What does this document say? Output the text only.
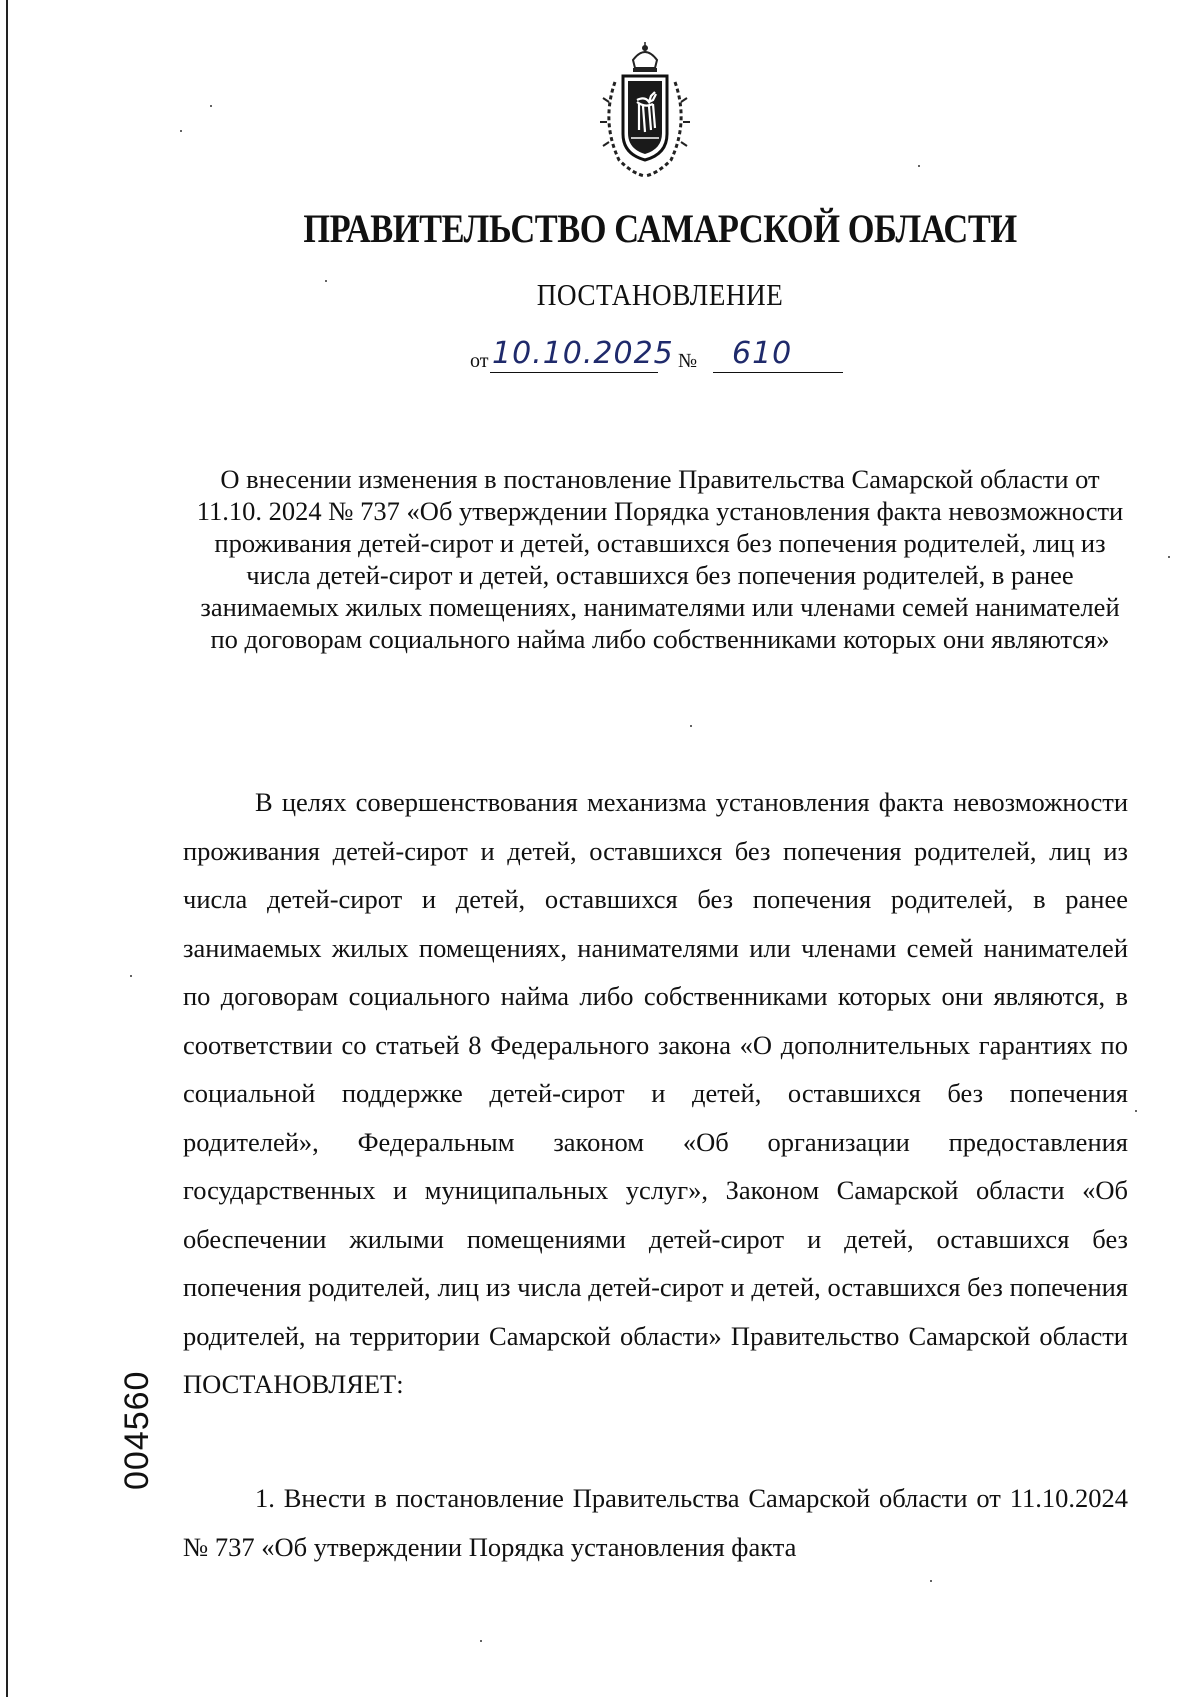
ПРАВИТЕЛЬСТВО САМАРСКОЙ ОБЛАСТИ
ПОСТАНОВЛЕНИЕ
от 10.10.2025 № 610
О внесении изменения в постановление Правительства Самарской области от 11.10. 2024 № 737 «Об утверждении Порядка установления факта невозможности проживания детей-сирот и детей, оставшихся без попечения родителей, лиц из числа детей-сирот и детей, оставшихся без попечения родителей, в ранее занимаемых жилых помещениях, нанимателями или членами семей нанимателей по договорам социального найма либо собственниками которых они являются»
В целях совершенствования механизма установления факта невозможности проживания детей-сирот и детей, оставшихся без попечения родителей, лиц из числа детей-сирот и детей, оставшихся без попечения родителей, в ранее занимаемых жилых помещениях, нанимателями или членами семей нанимателей по договорам социального найма либо собственниками которых они являются, в соответствии со статьей 8 Федерального закона «О дополнительных гарантиях по социальной поддержке детей-сирот и детей, оставшихся без попечения родителей», Федеральным законом «Об организации предоставления государственных и муниципальных услуг», Законом Самарской области «Об обеспечении жилыми помещениями детей-сирот и детей, оставшихся без попечения родителей, лиц из числа детей-сирот и детей, оставшихся без попечения родителей, на территории Самарской области» Правительство Самарской области ПОСТАНОВЛЯЕТ:
1. Внести в постановление Правительства Самарской области от 11.10.2024 № 737 «Об утверждении Порядка установления факта
004560
